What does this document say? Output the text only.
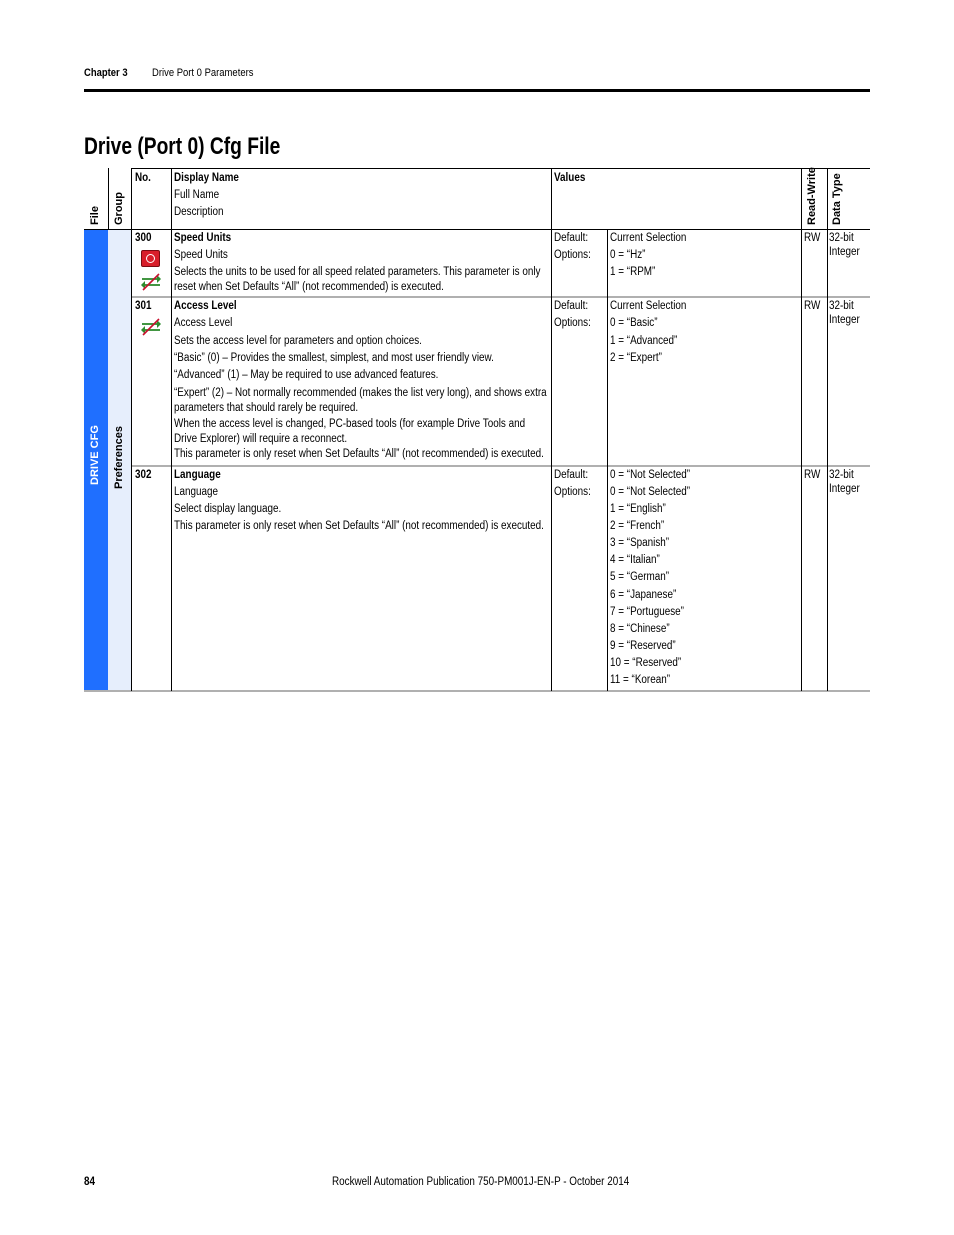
Chapter 3 Drive Port 0 Parameters
Drive (Port 0) Cfg File
File Group
No. Display Name
Full Name
Description
Values	Read-Write Data Type
DRIVE CFG Preferences
300 Speed Units
Speed Units
Selects the units to be used for all speed related parameters. This parameter is only reset when Set Defaults “All” (not recommended) is executed.
Default:
Options:
Current Selection
0 = “Hz”
1 = “RPM”
RW 32-bit
Integer
301 Access Level
Access Level
Sets the access level for parameters and option choices.
“Basic” (0) – Provides the smallest, simplest, and most user friendly view.
“Advanced” (1) – May be required to use advanced features.
“Expert” (2) – Not normally recommended (makes the list very long), and shows extra parameters that should rarely be required.
When the access level is changed, PC-based tools (for example Drive Tools and Drive Explorer) will require a reconnect.
This parameter is only reset when Set Defaults “All” (not recommended) is executed.
Default:
Options:
Current Selection
0 = “Basic”
1 = “Advanced”
2 = “Expert”
RW 32-bit
Integer
302 Language
Language
Select display language.
This parameter is only reset when Set Defaults “All” (not recommended) is executed.
Default:
Options:
0 = “Not Selected”
0 = “Not Selected”
1 = “English”
2 = “French”
3 = “Spanish”
4 = “Italian”
5 = “German”
6 = “Japanese”
7 = “Portuguese”
8 = “Chinese”
9 = “Reserved”
10 = “Reserved”
11 = “Korean”
RW 32-bit
Integer
84	Rockwell Automation Publication 750-PM001J-EN-P - October 2014
